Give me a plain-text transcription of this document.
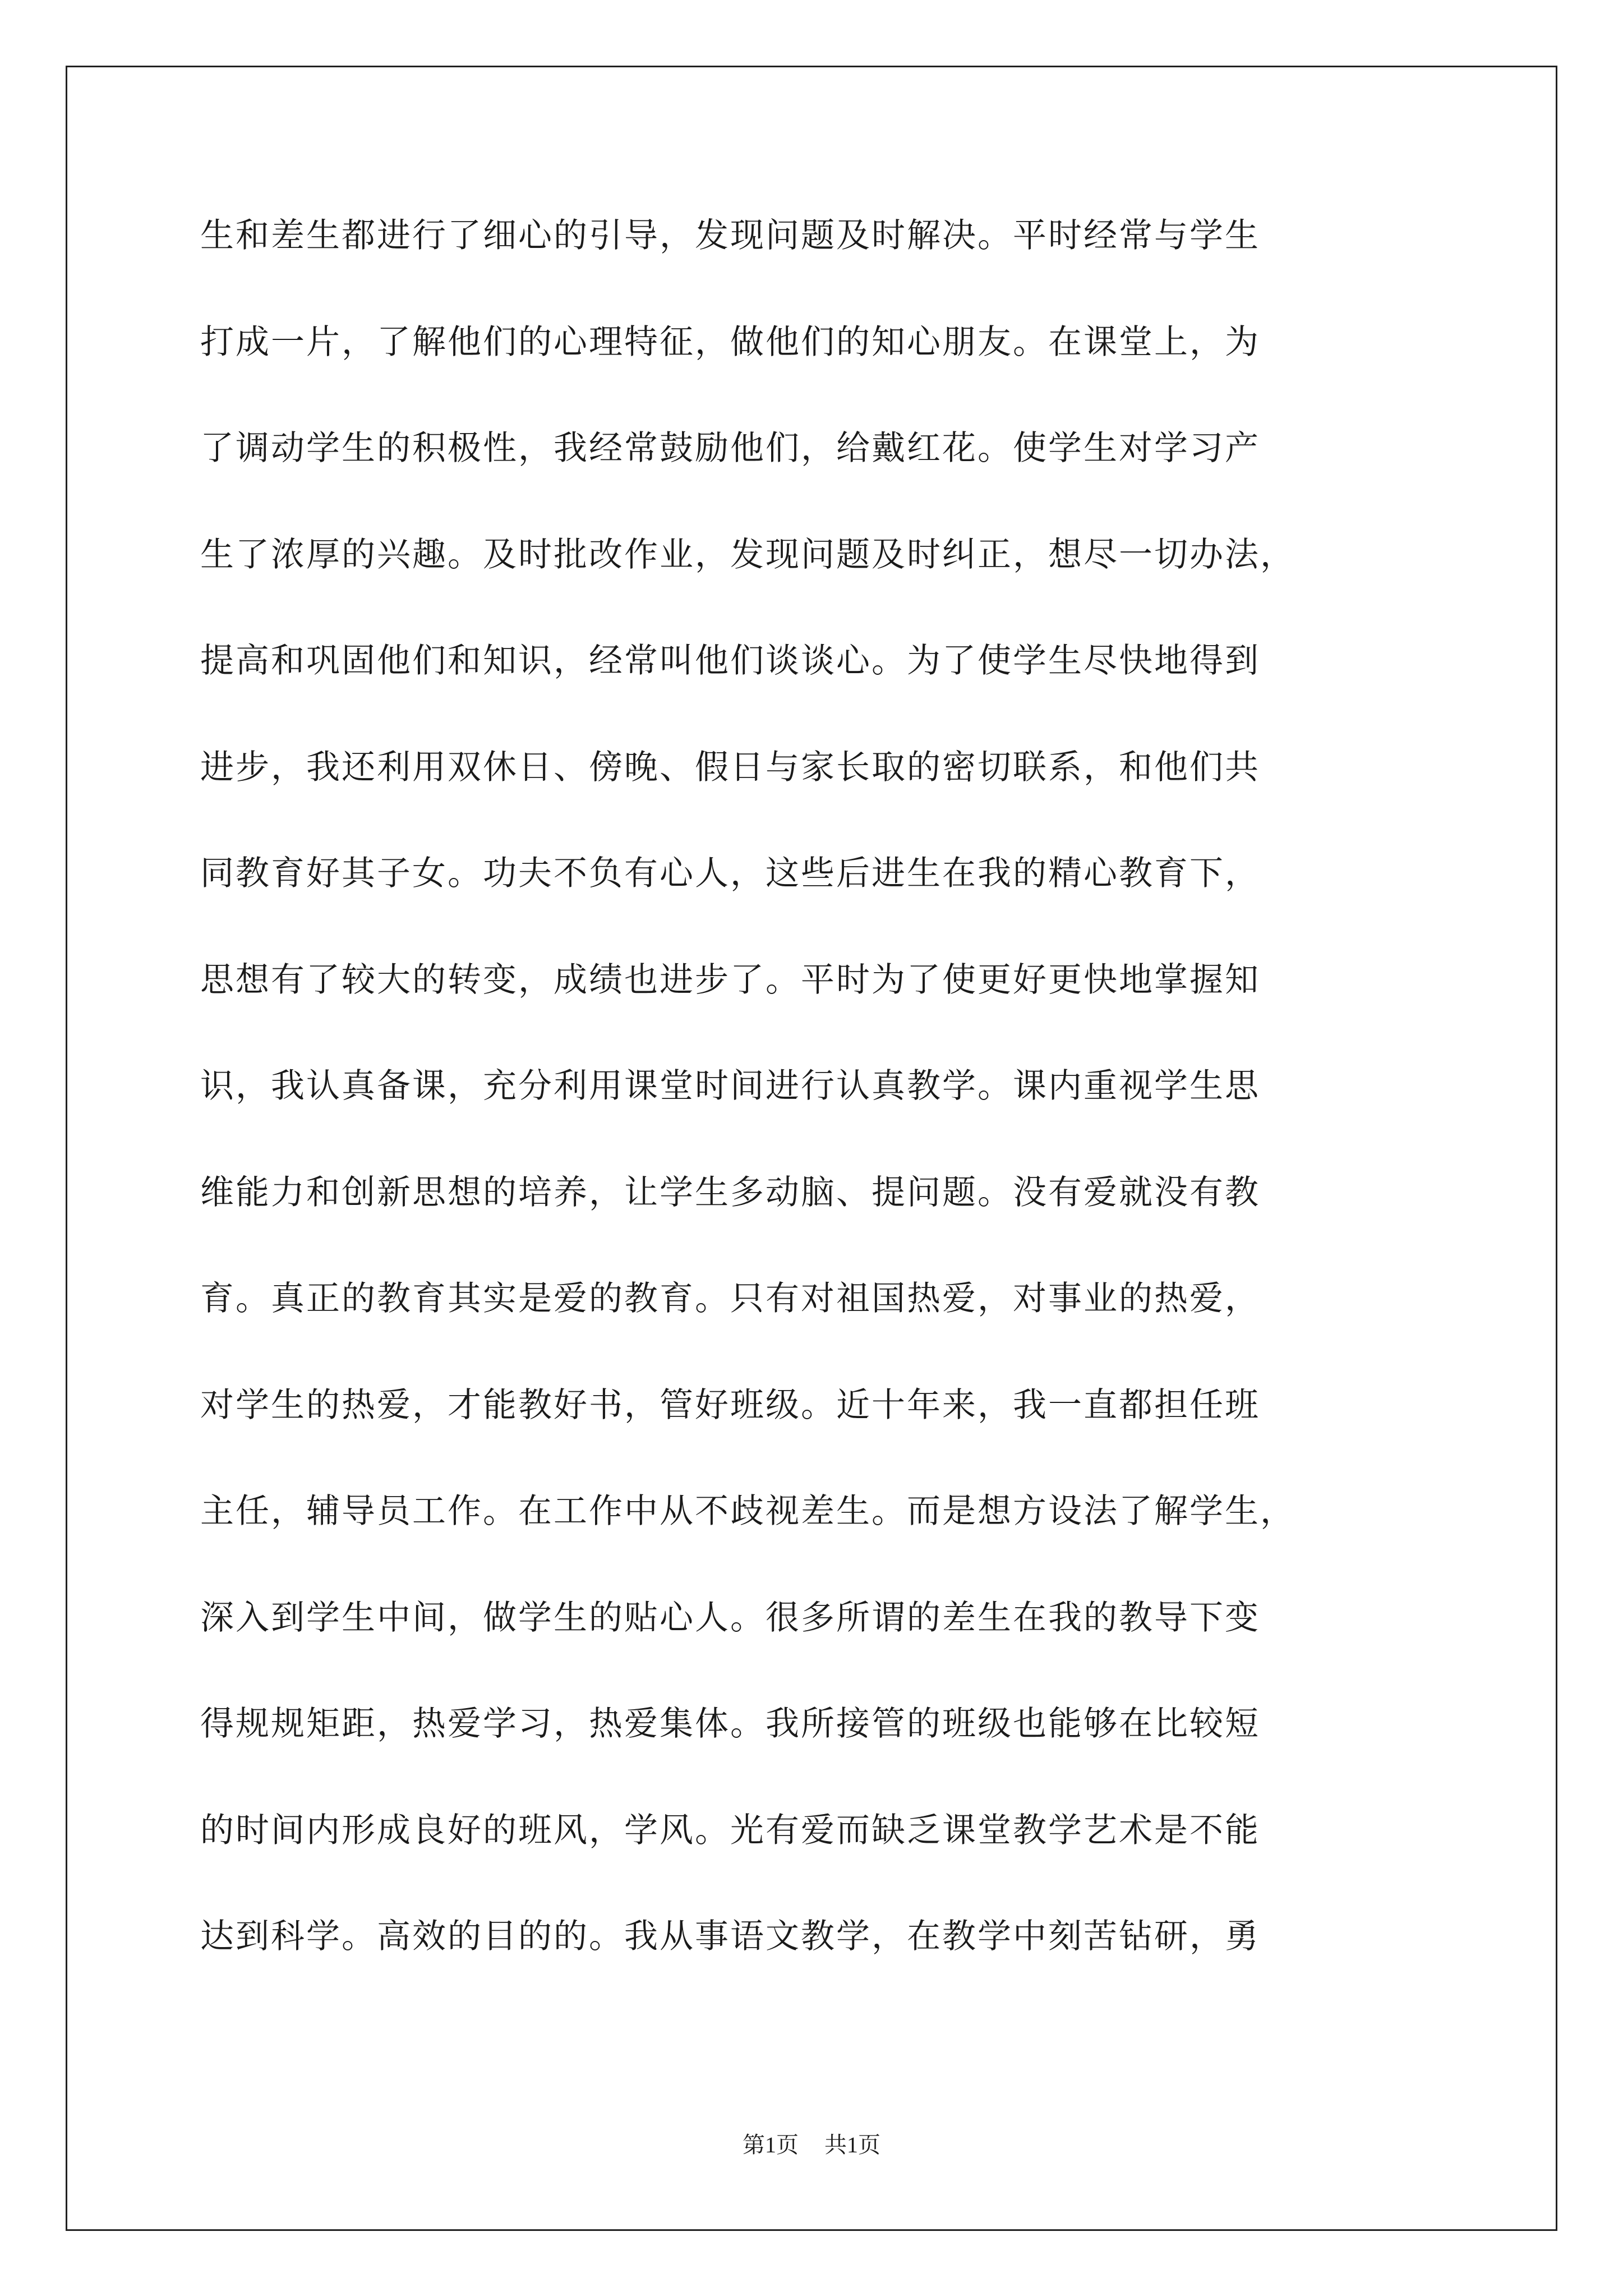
生和差生都进行了细心的引导，发现问题及时解决。平时经常与学生
打成一片，了解他们的心理特征，做他们的知心朋友。在课堂上，为
了调动学生的积极性，我经常鼓励他们，给戴红花。使学生对学习产
生了浓厚的兴趣。及时批改作业，发现问题及时纠正，想尽一切办法，
提高和巩固他们和知识，经常叫他们谈谈心。为了使学生尽快地得到
进步，我还利用双休日、傍晚、假日与家长取的密切联系，和他们共
同教育好其子女。功夫不负有心人，这些后进生在我的精心教育下，
思想有了较大的转变，成绩也进步了。平时为了使更好更快地掌握知
识，我认真备课，充分利用课堂时间进行认真教学。课内重视学生思
维能力和创新思想的培养，让学生多动脑、提问题。没有爱就没有教
育。真正的教育其实是爱的教育。只有对祖国热爱，对事业的热爱，
对学生的热爱，才能教好书，管好班级。近十年来，我一直都担任班
主任，辅导员工作。在工作中从不歧视差生。而是想方设法了解学生，
深入到学生中间，做学生的贴心人。很多所谓的差生在我的教导下变
得规规矩距，热爱学习，热爱集体。我所接管的班级也能够在比较短
的时间内形成良好的班风，学风。光有爱而缺乏课堂教学艺术是不能
达到科学。高效的目的的。我从事语文教学，在教学中刻苦钻研，勇
第1页 共1页
